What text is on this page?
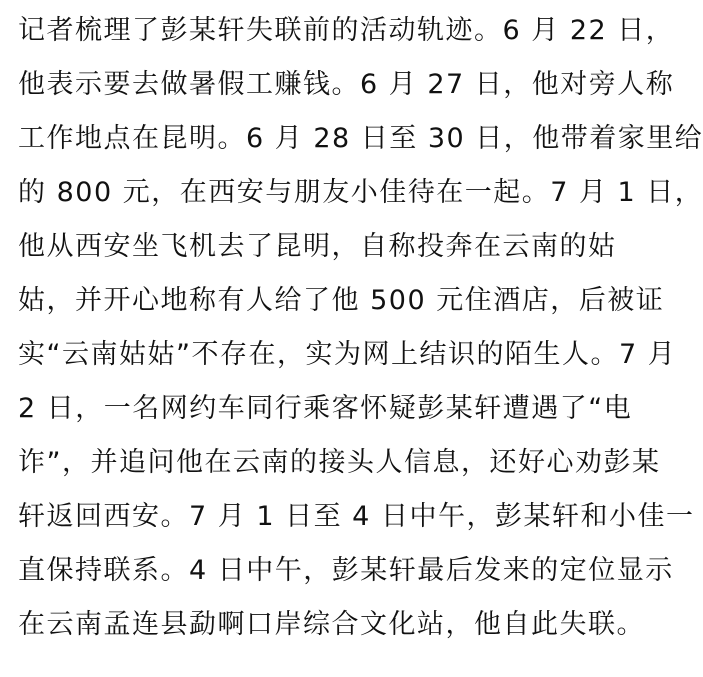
记者梳理了彭某轩失联前的活动轨迹。6 月 22 日，
他表示要去做暑假工赚钱。6 月 27 日，他对旁人称
工作地点在昆明。6 月 28 日至 30 日，他带着家里给
的 800 元，在西安与朋友小佳待在一起。7 月 1 日，
他从西安坐飞机去了昆明，自称投奔在云南的姑
姑，并开心地称有人给了他 500 元住酒店，后被证
实“云南姑姑”不存在，实为网上结识的陌生人。7 月
2 日，一名网约车同行乘客怀疑彭某轩遭遇了“电
诈”，并追问他在云南的接头人信息，还好心劝彭某
轩返回西安。7 月 1 日至 4 日中午，彭某轩和小佳一
直保持联系。4 日中午，彭某轩最后发来的定位显示
在云南孟连县勐啊口岸综合文化站，他自此失联。
